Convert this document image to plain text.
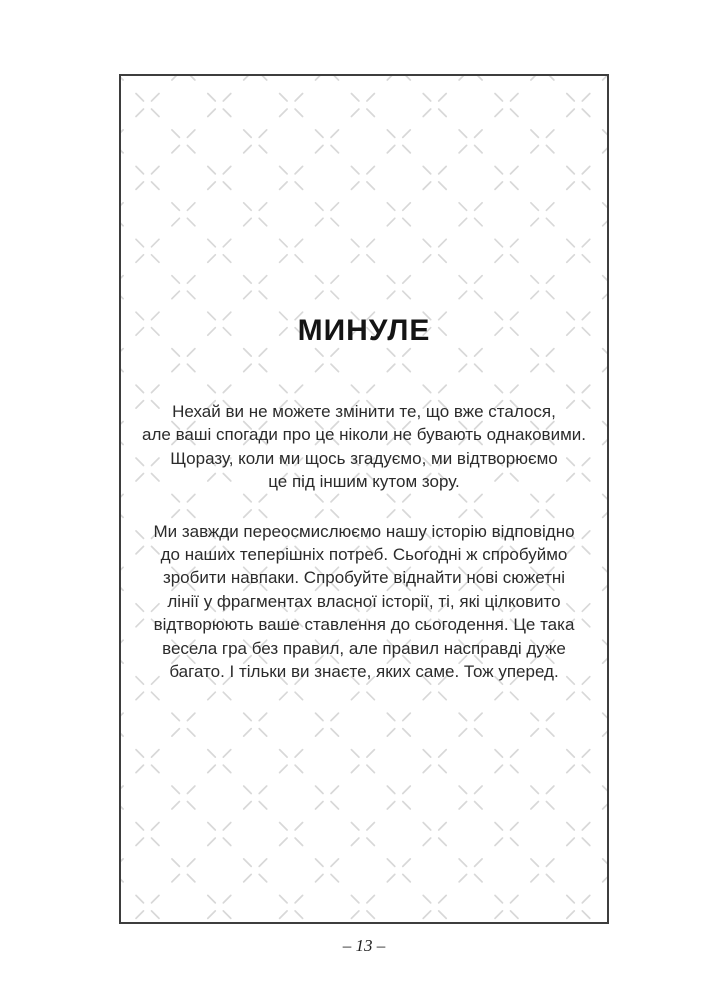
МИНУЛЕ
Нехай ви не можете змінити те, що вже сталося,
але ваші спогади про це ніколи не бувають однаковими.
Щоразу, коли ми щось згадуємо, ми відтворюємо
це під іншим кутом зору.
Ми завжди переосмислюємо нашу історію відповідно
до наших теперішніх потреб. Сьогодні ж спробуймо
зробити навпаки. Спробуйте віднайти нові сюжетні
лінії у фрагментах власної історії, ті, які цілковито
відтворюють ваше ставлення до сьогодення. Це така
весела гра без правил, але правил насправді дуже
багато. І тільки ви знаєте, яких саме. Тож уперед.
– 13 –
